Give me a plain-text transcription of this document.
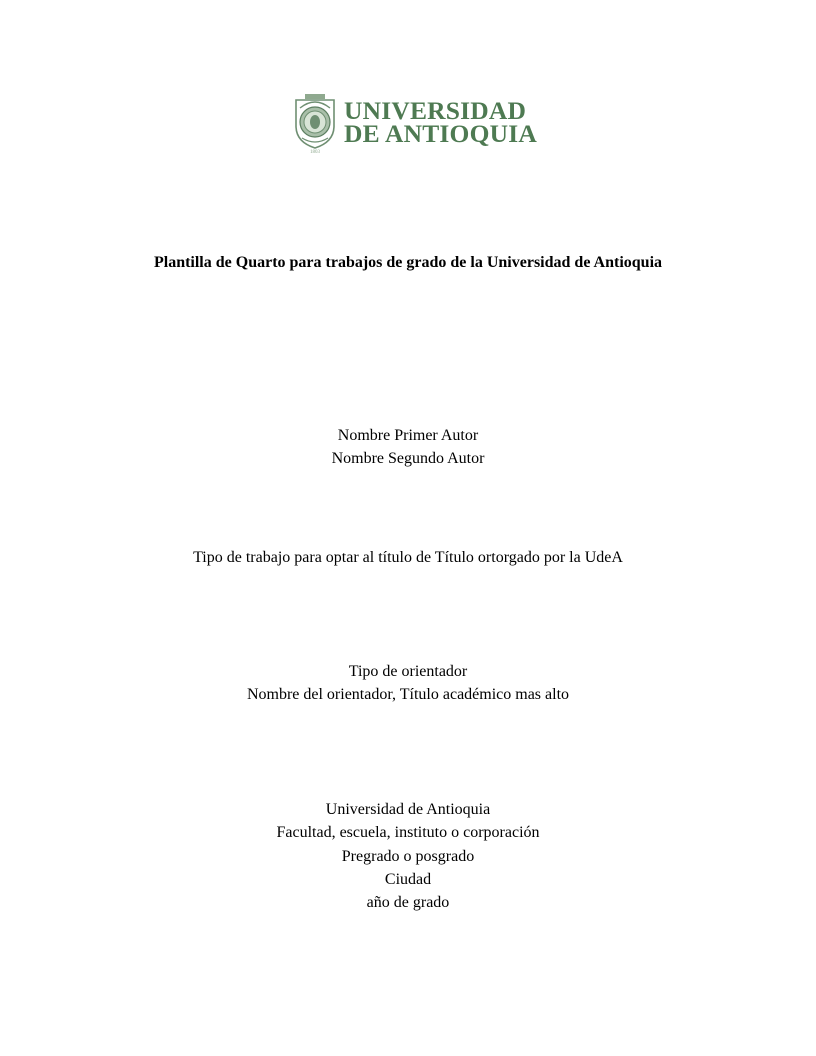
1803
UNIVERSIDAD
DE ANTIOQUIA
Plantilla de Quarto para trabajos de grado de la Universidad de Antioquia
Nombre Primer Autor
Nombre Segundo Autor
Tipo de trabajo para optar al título de Título ortorgado por la UdeA
Tipo de orientador
Nombre del orientador, Título académico mas alto
Universidad de Antioquia
Facultad, escuela, instituto o corporación
Pregrado o posgrado
Ciudad
año de grado
